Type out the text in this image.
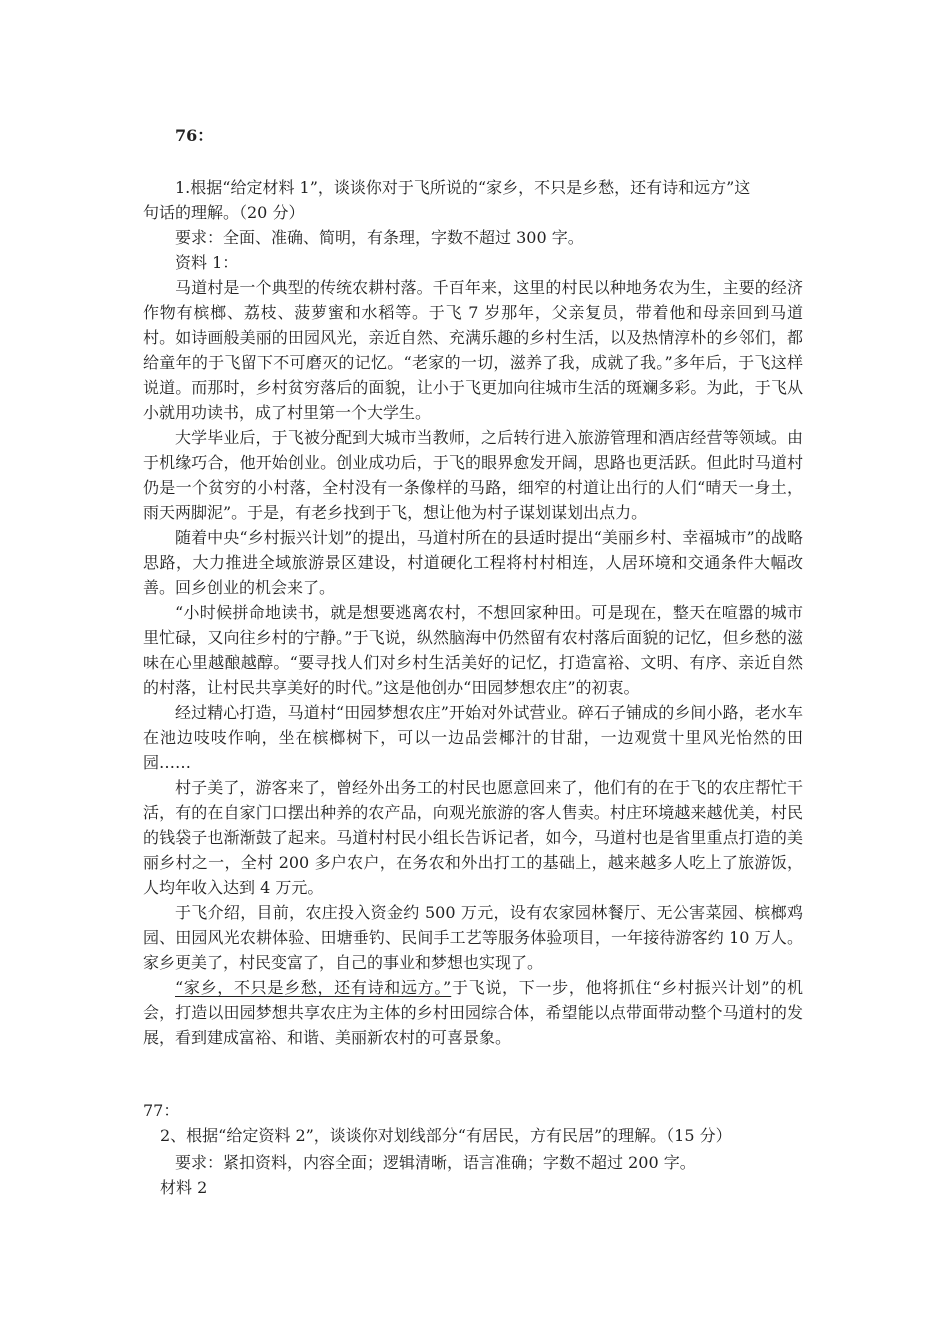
76：
1.根据“给定材料 1”，谈谈你对于飞所说的“家乡，不只是乡愁，还有诗和远方”这
句话的理解。（20 分）
要求：全面、准确、简明，有条理，字数不超过 300 字。
资料 1：

马道村是一个典型的传统农耕村落。千百年来，这里的村民以种地务农为生，主要的经济作物有槟榔、荔枝、菠萝蜜和水稻等。于飞 7 岁那年，父亲复员，带着他和母亲回到马道村。如诗画般美丽的田园风光，亲近自然、充满乐趣的乡村生活，以及热情淳朴的乡邻们，都给童年的于飞留下不可磨灭的记忆。“老家的一切，滋养了我，成就了我。”多年后，于飞这样说道。而那时，乡村贫穷落后的面貌，让小于飞更加向往城市生活的斑斓多彩。为此，于飞从小就用功读书，成了村里第一个大学生。

大学毕业后，于飞被分配到大城市当教师，之后转行进入旅游管理和酒店经营等领域。由于机缘巧合，他开始创业。创业成功后，于飞的眼界愈发开阔，思路也更活跃。但此时马道村仍是一个贫穷的小村落，全村没有一条像样的马路，细窄的村道让出行的人们“晴天一身土，雨天两脚泥”。于是，有老乡找到于飞，想让他为村子谋划谋划出点力。

随着中央“乡村振兴计划”的提出，马道村所在的县适时提出“美丽乡村、幸福城市”的战略思路，大力推进全域旅游景区建设，村道硬化工程将村村相连，人居环境和交通条件大幅改善。回乡创业的机会来了。

“小时候拼命地读书，就是想要逃离农村，不想回家种田。可是现在，整天在喧嚣的城市里忙碌，又向往乡村的宁静。”于飞说，纵然脑海中仍然留有农村落后面貌的记忆，但乡愁的滋味在心里越酿越醇。“要寻找人们对乡村生活美好的记忆，打造富裕、文明、有序、亲近自然的村落，让村民共享美好的时代。”这是他创办“田园梦想农庄”的初衷。

经过精心打造，马道村“田园梦想农庄”开始对外试营业。碎石子铺成的乡间小路，老水车在池边吱吱作响，坐在槟榔树下，可以一边品尝椰汁的甘甜，一边观赏十里风光怡然的田园……

村子美了，游客来了，曾经外出务工的村民也愿意回来了，他们有的在于飞的农庄帮忙干活，有的在自家门口摆出种养的农产品，向观光旅游的客人售卖。村庄环境越来越优美，村民的钱袋子也渐渐鼓了起来。马道村村民小组长告诉记者，如今，马道村也是省里重点打造的美丽乡村之一，全村 200 多户农户，在务农和外出打工的基础上，越来越多人吃上了旅游饭，人均年收入达到 4 万元。

于飞介绍，目前，农庄投入资金约 500 万元，设有农家园林餐厅、无公害菜园、槟榔鸡园、田园风光农耕体验、田塘垂钓、民间手工艺等服务体验项目，一年接待游客约 10 万人。家乡更美了，村民变富了，自己的事业和梦想也实现了。

“家乡，不只是乡愁，还有诗和远方。”于飞说，下一步，他将抓住“乡村振兴计划”的机会，打造以田园梦想共享农庄为主体的乡村田园综合体，希望能以点带面带动整个马道村的发展，看到建成富裕、和谐、美丽新农村的可喜景象。

77：
2、根据“给定资料 2”，谈谈你对划线部分“有居民，方有民居”的理解。（15 分）
要求：紧扣资料，内容全面；逻辑清晰，语言准确；字数不超过 200 字。
材料 2
